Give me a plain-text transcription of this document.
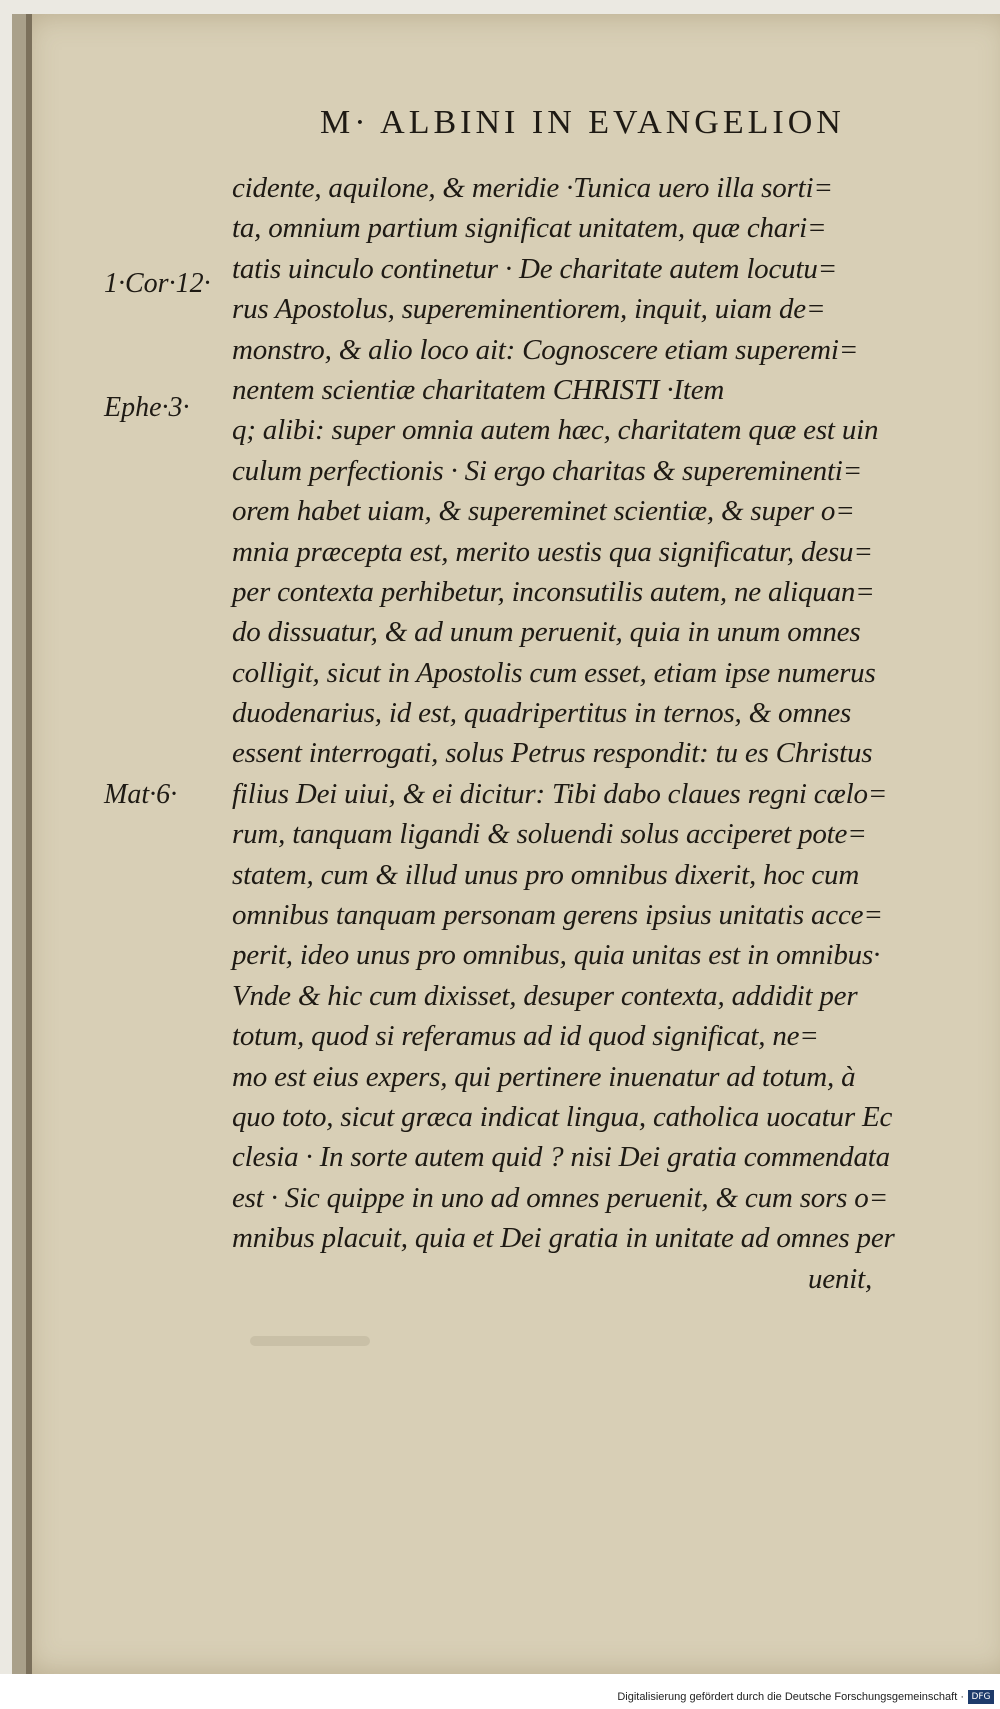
M· ALBINI IN EVANGELION
1·Cor·12·
Ephe·3·
Mat·6·
cidente, aquilone, & meridie ·Tunica uero illa sorti=
ta, omnium partium significat unitatem, quæ chari=
tatis uinculo continetur · De charitate autem locutu=
rus Apostolus, supereminentiorem, inquit, uiam de=
monstro, & alio loco ait: Cognoscere etiam superemi=
nentem scientiæ charitatem CHRISTI ·Item
q; alibi: super omnia autem hæc, charitatem quæ est uin
culum perfectionis · Si ergo charitas & supereminenti=
orem habet uiam, & supereminet scientiæ, & super o=
mnia præcepta est, merito uestis qua significatur, desu=
per contexta perhibetur, inconsutilis autem, ne aliquan=
do dissuatur, & ad unum peruenit, quia in unum omnes
colligit, sicut in Apostolis cum esset, etiam ipse numerus
duodenarius, id est, quadripertitus in ternos, & omnes
essent interrogati, solus Petrus respondit: tu es Christus
filius Dei uiui, & ei dicitur: Tibi dabo claues regni cælo=
rum, tanquam ligandi & soluendi solus acciperet pote=
statem, cum & illud unus pro omnibus dixerit, hoc cum
omnibus tanquam personam gerens ipsius unitatis acce=
perit, ideo unus pro omnibus, quia unitas est in omnibus·
Vnde & hic cum dixisset, desuper contexta, addidit per
totum, quod si referamus ad id quod significat, ne=
mo est eius expers, qui pertinere inuenatur ad totum, à
quo toto, sicut græca indicat lingua, catholica uocatur Ec
clesia · In sorte autem quid ? nisi Dei gratia commendata
est · Sic quippe in uno ad omnes peruenit, & cum sors o=
mnibus placuit, quia et Dei gratia in unitate ad omnes per
uenit,
Digitalisierung gefördert durch die Deutsche Forschungsgemeinschaft · DFG
